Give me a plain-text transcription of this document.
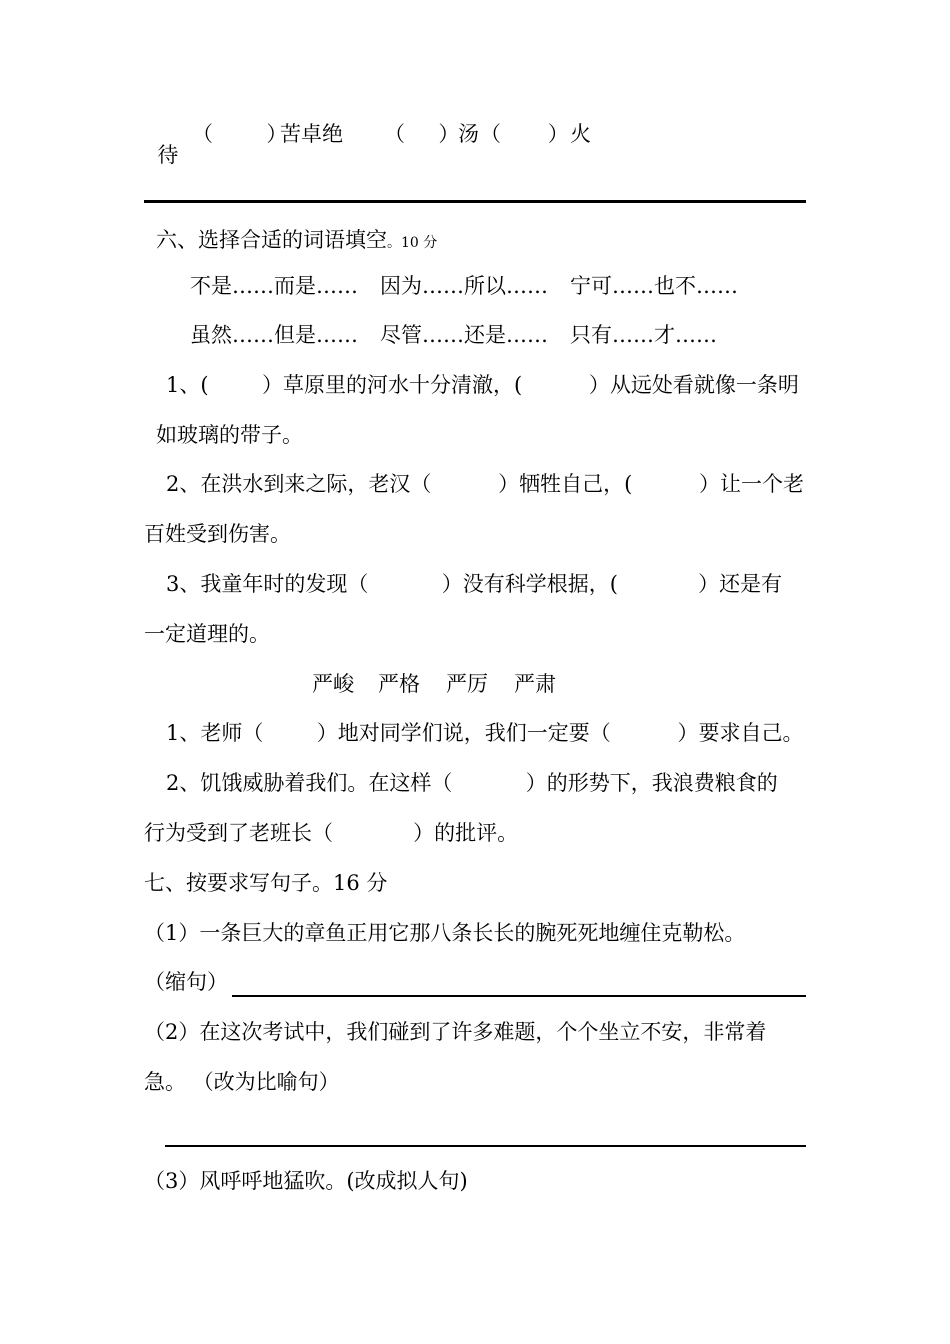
待

（        ）
苦卓绝 （     ）
汤 （       ） 火
六、选择合适的词语填空。10 分
不是……而是…… 因为……所以…… 宁可……也不……
虽然……但是…… 尽管……还是…… 只有……才……
1、(        ）草原里的河水十分清澈，(          ）从远处看就像一条明
如玻璃的带子。
2、在洪水到来之际，老汉（          ）牺牲自己，(          ）让一个老
百姓受到伤害。
3、我童年时的发现（           ）没有科学根据，(            ）还是有
一定道理的。
严峻 严格 严厉 严肃
1、老师（        ）地对同学们说，我们一定要（          ）要求自己。
2、饥饿威胁着我们。在这样（           ）的形势下，我浪费粮食的
行为受到了老班长（            ）的批评。
七、按要求写句子。16 分
（1）一条巨大的章鱼正用它那八条长长的腕死死地缠住克勒松。
（缩句）
（2）在这次考试中，我们碰到了许多难题，个个坐立不安，非常着
急。 （改为比喻句）
（3）风呼呼地猛吹。(改成拟人句)
